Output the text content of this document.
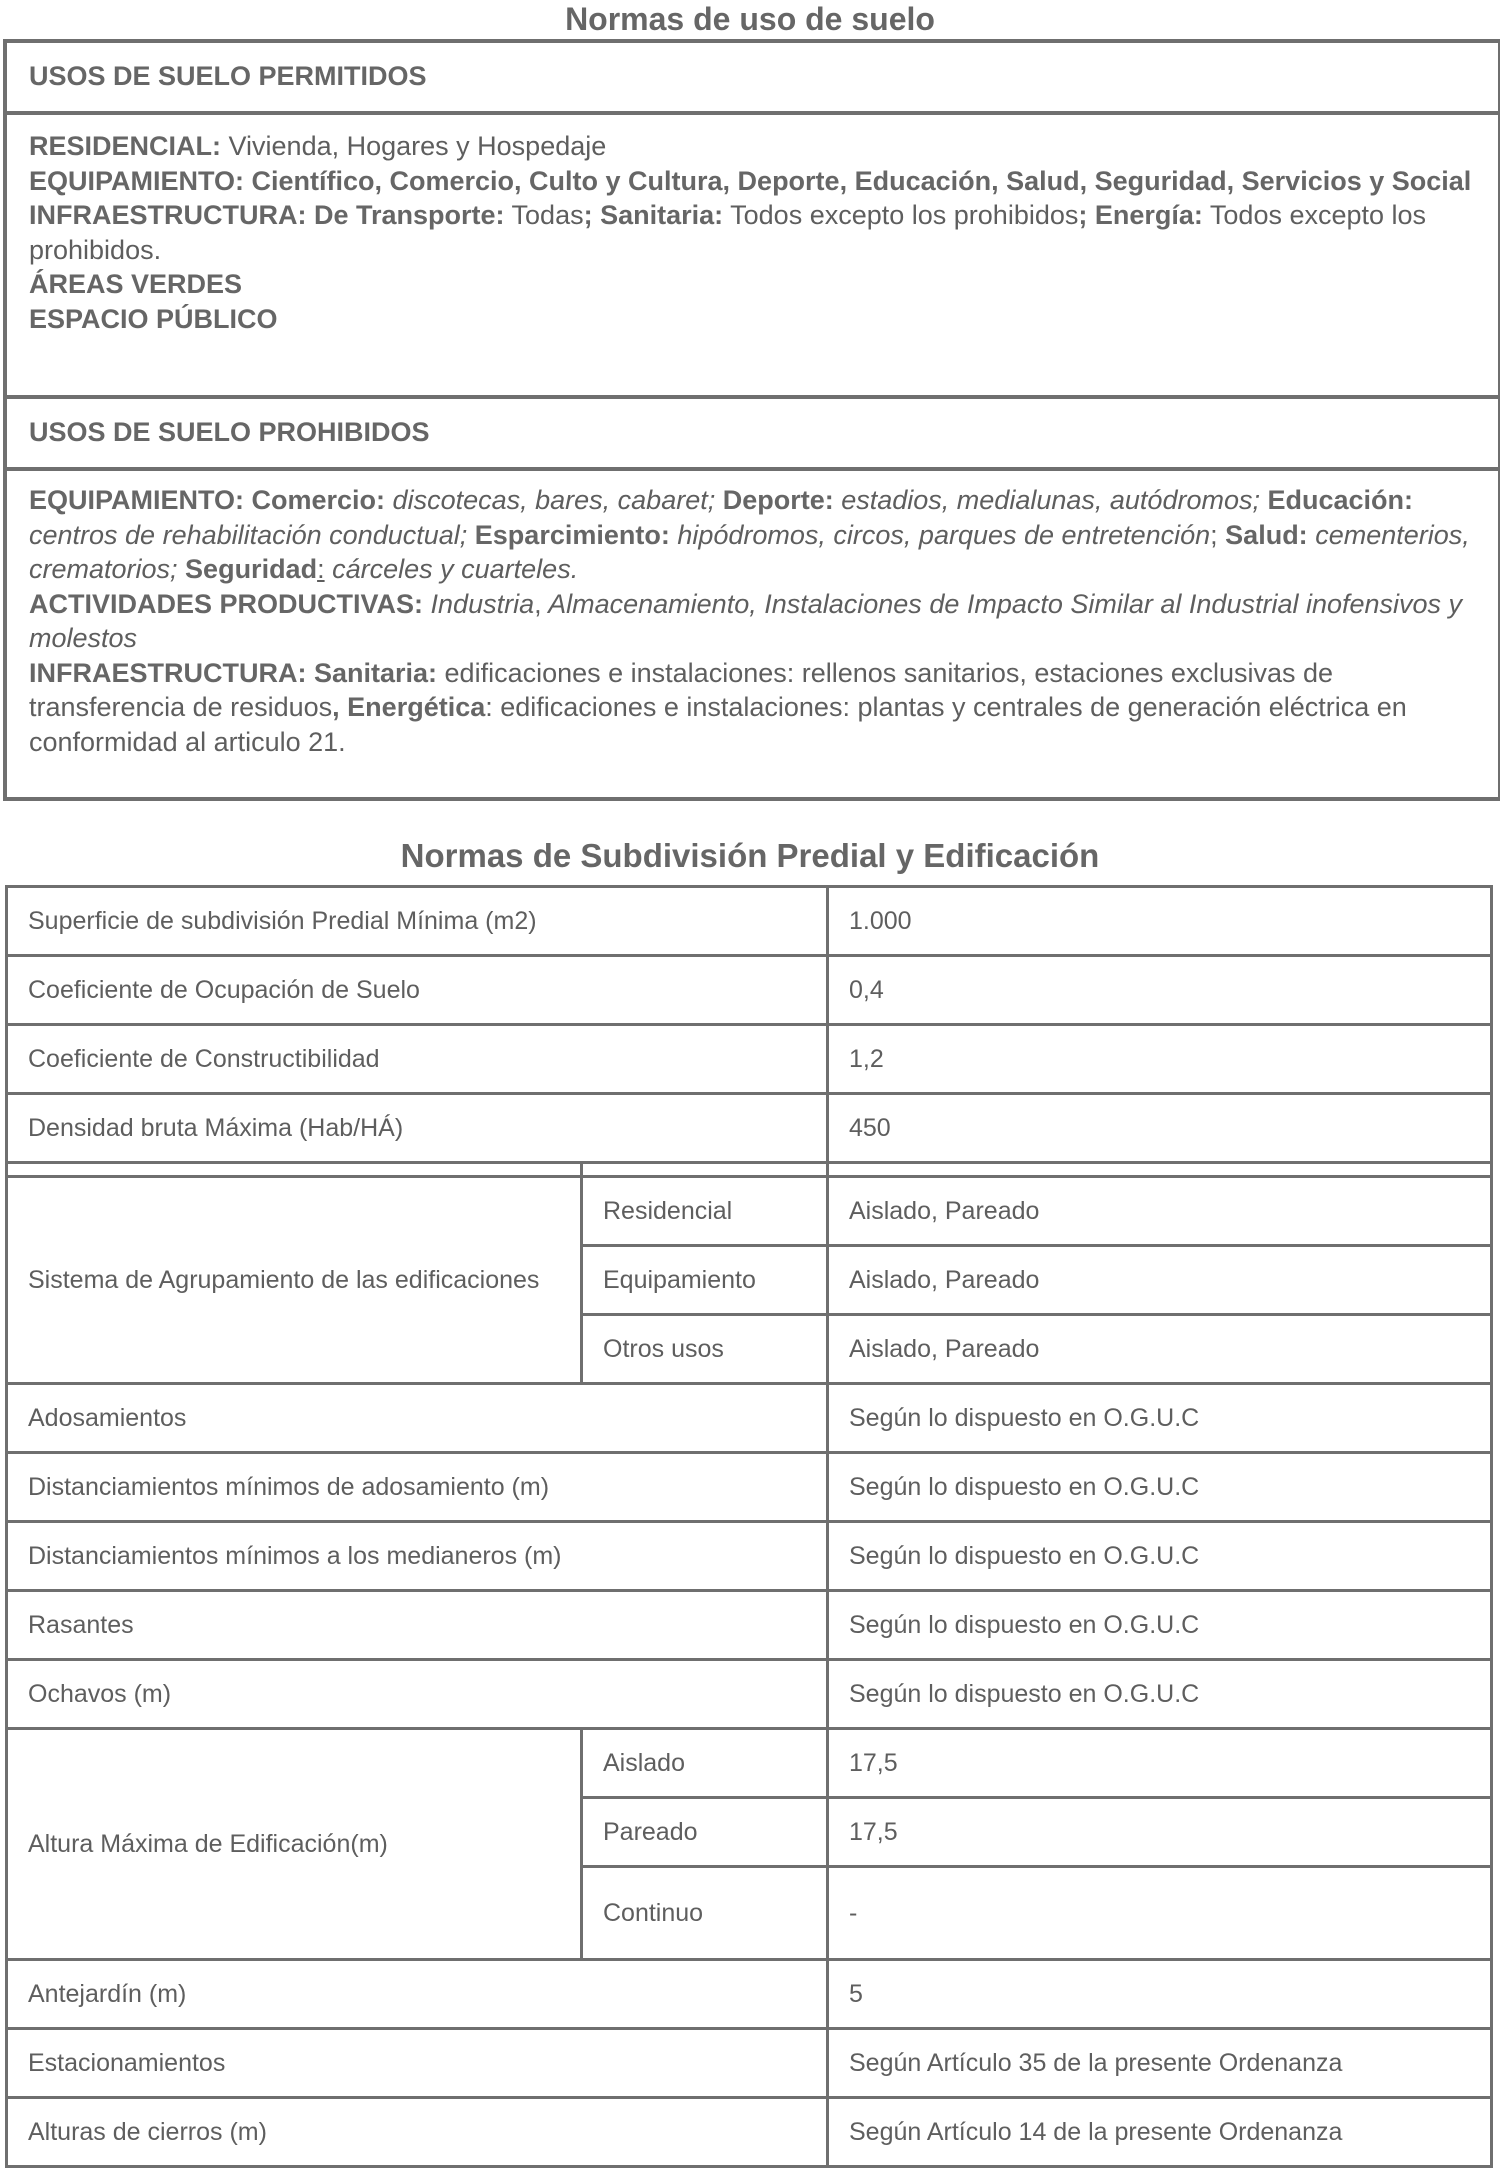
Normas de uso de suelo
USOS DE SUELO PERMITIDOS
RESIDENCIAL: Vivienda, Hogares y Hospedaje
EQUIPAMIENTO: Científico, Comercio, Culto y Cultura, Deporte, Educación, Salud, Seguridad, Servicios y Social
INFRAESTRUCTURA: De Transporte: Todas; Sanitaria: Todos excepto los prohibidos; Energía: Todos excepto los prohibidos.
ÁREAS VERDES
ESPACIO PÚBLICO
USOS DE SUELO PROHIBIDOS
EQUIPAMIENTO: Comercio: discotecas, bares, cabaret; Deporte: estadios, medialunas, autódromos; Educación: centros de rehabilitación conductual; Esparcimiento: hipódromos, circos, parques de entretención; Salud: cementerios, crematorios; Seguridad: cárceles y cuarteles.
ACTIVIDADES PRODUCTIVAS: Industria, Almacenamiento, Instalaciones de Impacto Similar al Industrial inofensivos y molestos
INFRAESTRUCTURA: Sanitaria: edificaciones e instalaciones: rellenos sanitarios, estaciones exclusivas de transferencia de residuos, Energética: edificaciones e instalaciones: plantas y centrales de generación eléctrica en conformidad al articulo 21.
Normas de Subdivisión Predial y Edificación
Superficie de subdivisión Predial Mínima (m2)		1.000
Coeficiente de Ocupación de Suelo		0,4
Coeficiente de Constructibilidad		1,2
Densidad bruta Máxima (Hab/HÁ)		450

Sistema de Agrupamiento de las edificaciones	Residencial	Aislado, Pareado
	Equipamiento	Aislado, Pareado
	Otros usos	Aislado, Pareado
Adosamientos		Según lo dispuesto en O.G.U.C
Distanciamientos mínimos de adosamiento (m)		Según lo dispuesto en O.G.U.C
Distanciamientos mínimos a los medianeros (m)		Según lo dispuesto en O.G.U.C
Rasantes		Según lo dispuesto en O.G.U.C
Ochavos (m)		Según lo dispuesto en O.G.U.C
Altura Máxima de Edificación(m)	Aislado	17,5
	Pareado	17,5
	Continuo	-
Antejardín (m)		5
Estacionamientos		Según Artículo 35 de la presente Ordenanza
Alturas de cierros (m)		Según Artículo 14 de la presente Ordenanza
